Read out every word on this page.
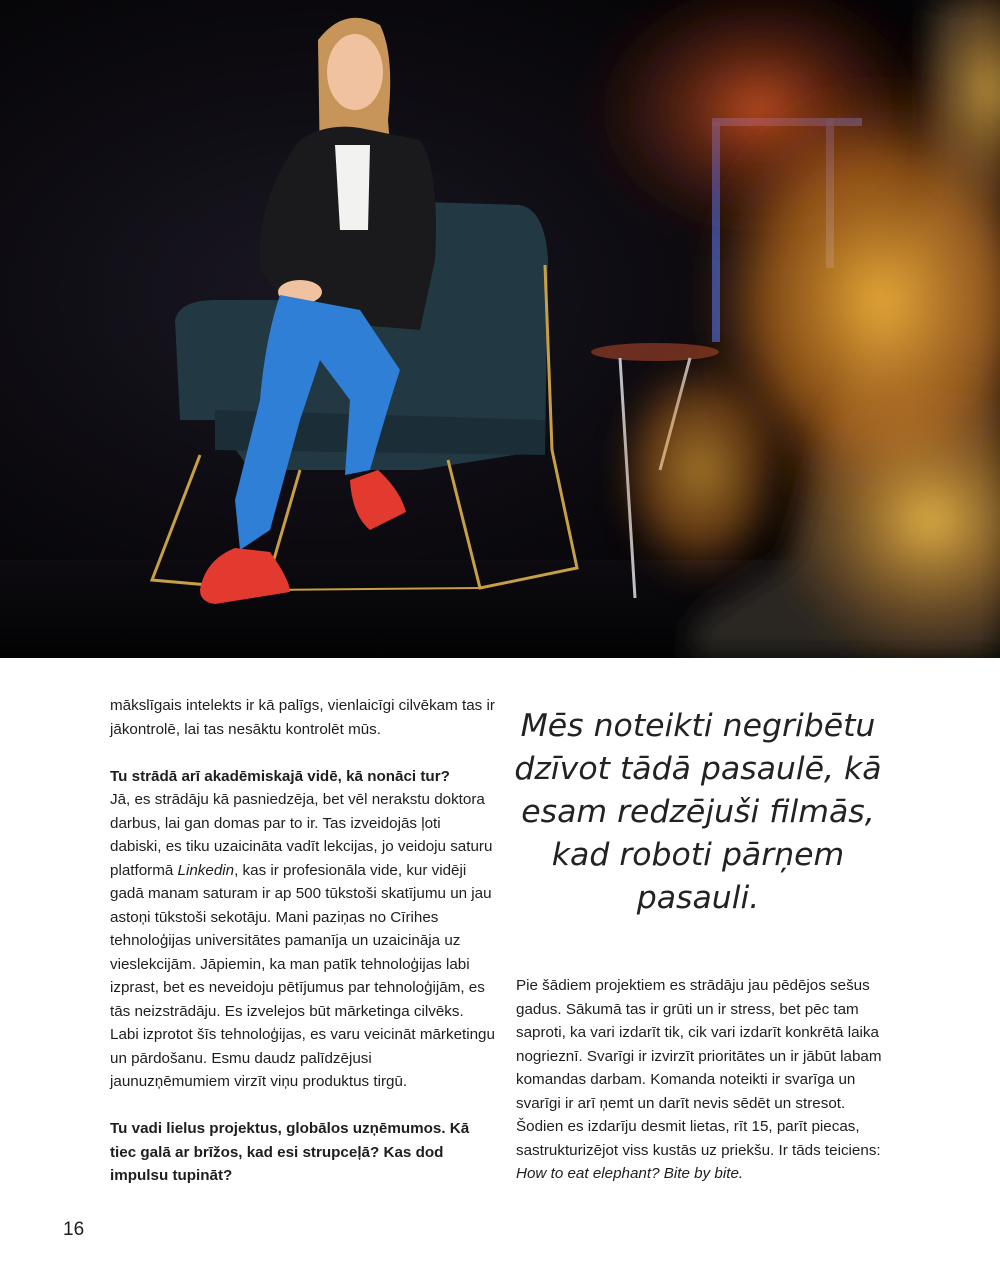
mākslīgais intelekts ir kā palīgs, vienlaicīgi cilvēkam tas ir jākontrolē, lai tas nesāktu kontrolēt mūs.

Tu strādā arī akadēmiskajā vidē, kā nonāci tur?

Jā, es strādāju kā pasniedzēja, bet vēl nerakstu doktora darbus, lai gan domas par to ir. Tas izveidojās ļoti dabiski, es tiku uzaicināta vadīt lekcijas, jo veidoju saturu platformā Linkedin, kas ir profesionāla vide, kur vidēji gadā manam saturam ir ap 500 tūkstoši skatījumu un jau astoņi tūkstoši sekotāju. Mani paziņas no Cīrihes tehnoloģijas universitātes pamanīja un uzaicināja uz vieslekcijām. Jāpiemin, ka man patīk tehnoloģijas labi izprast, bet es neveidoju pētījumus par tehnoloģijām, es tās neizstrādāju. Es izvelejos būt mārketinga cilvēks. Labi izprotot šīs tehnoloģijas, es varu veicināt mārketingu un pārdošanu. Esmu daudz palīdzējusi jaunuzņēmumiem virzīt viņu produktus tirgū.

Tu vadi lielus projektus, globālos uzņēmumos. Kā tiec galā ar brīžos, kad esi strupceļā? Kas dod impulsu tupināt?

Mēs noteikti negribētu dzīvot tādā pasaulē, kā esam redzējuši filmās, kad roboti pārņem pasauli.

Pie šādiem projektiem es strādāju jau pēdējos sešus gadus. Sākumā tas ir grūti un ir stress, bet pēc tam saproti, ka vari izdarīt tik, cik vari izdarīt konkrētā laika nogrieznī. Svarīgi ir izvirzīt prioritātes un ir jābūt labam komandas darbam. Komanda noteikti ir svarīga un svarīgi ir arī ņemt un darīt nevis sēdēt un stresot. Šodien es izdarīju desmit lietas, rīt 15, parīt piecas, sastrukturizējot viss kustās uz priekšu. Ir tāds teiciens: How to eat elephant? Bite by bite.

16
